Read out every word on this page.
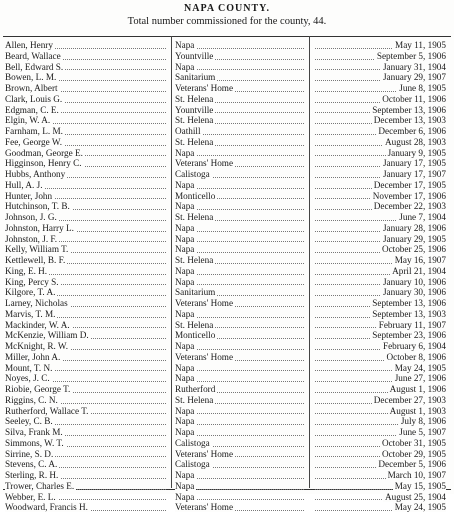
NAPA COUNTY.
Total number commissioned for the county, 44.
Allen, Henry	Napa	May 11, 1905
Beard, Wallace	Yountville	September 5, 1906
Bell, Edward S.	Napa	January 31, 1904
Bowen, L. M.	Sanitarium	January 29, 1907
Brown, Albert	Veterans' Home	June 8, 1905
Clark, Louis G.	St. Helena	October 11, 1906
Edgman, C. E.	Yountville	September 13, 1906
Elgin, W. A.	St. Helena	December 13, 1903
Farnham, L. M.	Oathill	December 6, 1906
Fee, George W.	St. Helena	August 28, 1903
Goodman, George E.	Napa	January 9, 1905
Higginson, Henry C.	Veterans' Home	January 17, 1905
Hubbs, Anthony	Calistoga	January 17, 1907
Hull, A. J.	Napa	December 17, 1905
Hunter, John	Monticello	November 17, 1906
Hutchinson, T. B.	Napa	December 22, 1903
Johnson, J. G.	St. Helena	June 7, 1904
Johnston, Harry L.	Napa	January 28, 1906
Johnston, J. F.	Napa	January 29, 1905
Kelly, William T.	Napa	October 25, 1906
Kettlewell, B. F.	St. Helena	May 16, 1907
King, E. H.	Napa	April 21, 1904
King, Percy S.	Napa	January 10, 1906
Kilgore, T. A.	Sanitarium	January 30, 1906
Larney, Nicholas	Veterans' Home	September 13, 1906
Marvis, T. M.	Napa	September 13, 1903
Mackinder, W. A.	St. Helena	February 11, 1907
McKenzie, William D.	Monticello	September 23, 1906
McKnight, R. W.	Napa	February 6, 1904
Miller, John A.	Veterans' Home	October 8, 1906
Mount, T. N.	Napa	May 24, 1905
Noyes, J. C.	Napa	June 27, 1906
Riobie, George T.	Rutherford	August 1, 1906
Riggins, C. N.	St. Helena	December 27, 1903
Rutherford, Wallace T.	Napa	August 1, 1903
Seeley, C. B.	Napa	July 8, 1906
Silva, Frank M.	Napa	June 5, 1907
Simmons, W. T.	Calistoga	October 31, 1905
Sirrine, S. D.	Veterans' Home	October 29, 1905
Stevens, C. A.	Calistoga	December 5, 1906
Sterling, R. H.	Napa	March 10, 1907
Trower, Charles E.	Napa	May 15, 1905
Webber, E. L.	Napa	August 25, 1904
Woodward, Francis H.	Veterans' Home	May 24, 1905
